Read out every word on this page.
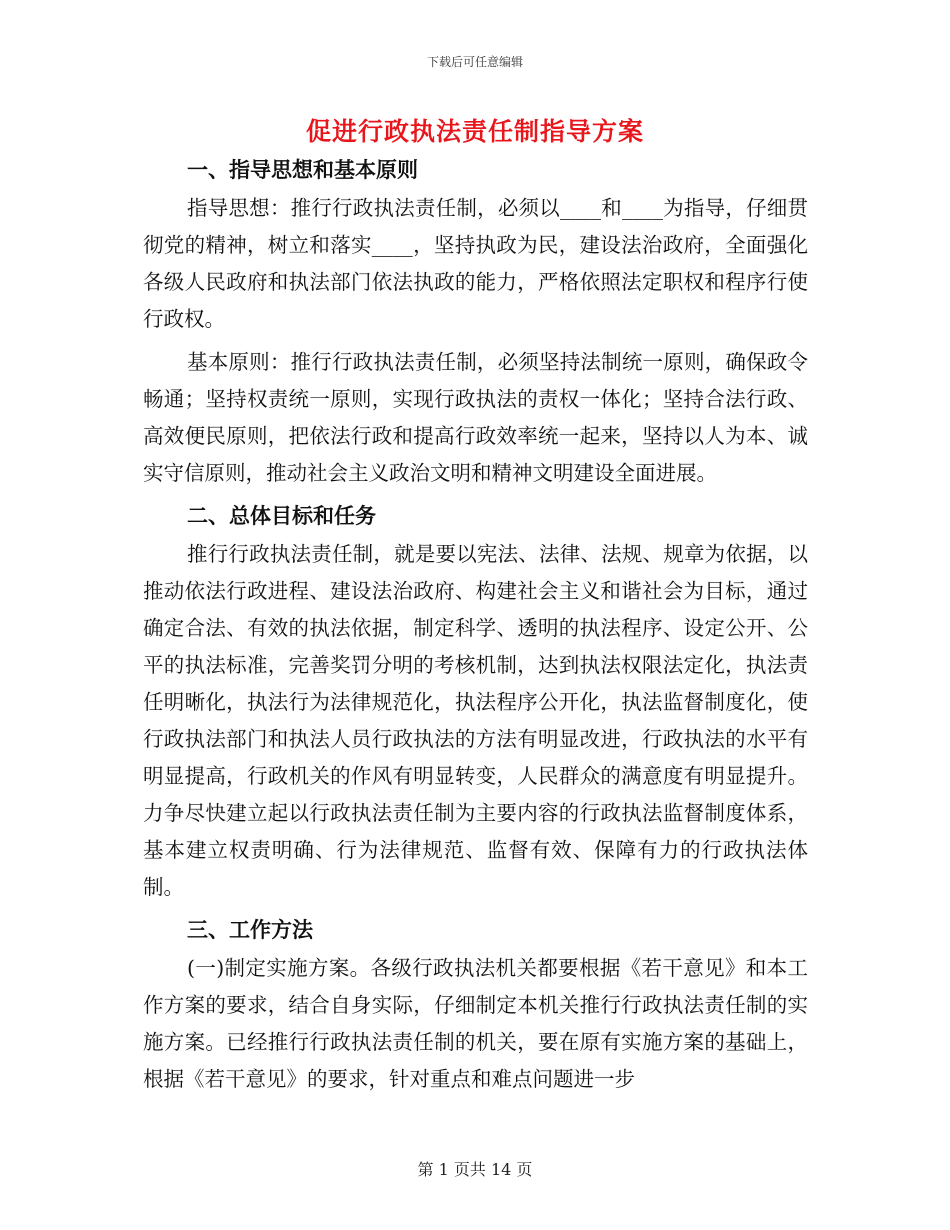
下载后可任意编辑
促进行政执法责任制指导方案
一、指导思想和基本原则

指导思想：推行行政执法责任制，必须以____和____为指导，仔细贯彻党的精神，树立和落实____，坚持执政为民，建设法治政府，全面强化各级人民政府和执法部门依法执政的能力，严格依照法定职权和程序行使行政权。

基本原则：推行行政执法责任制，必须坚持法制统一原则，确保政令畅通；坚持权责统一原则，实现行政执法的责权一体化；坚持合法行政、高效便民原则，把依法行政和提高行政效率统一起来，坚持以人为本、诚实守信原则，推动社会主义政治文明和精神文明建设全面进展。

二、总体目标和任务

推行行政执法责任制，就是要以宪法、法律、法规、规章为依据，以推动依法行政进程、建设法治政府、构建社会主义和谐社会为目标，通过确定合法、有效的执法依据，制定科学、透明的执法程序、设定公开、公平的执法标准，完善奖罚分明的考核机制，达到执法权限法定化，执法责任明晰化，执法行为法律规范化，执法程序公开化，执法监督制度化，使行政执法部门和执法人员行政执法的方法有明显改进，行政执法的水平有明显提高，行政机关的作风有明显转变，人民群众的满意度有明显提升。力争尽快建立起以行政执法责任制为主要内容的行政执法监督制度体系，基本建立权责明确、行为法律规范、监督有效、保障有力的行政执法体制。

三、工作方法

(一)制定实施方案。各级行政执法机关都要根据《若干意见》和本工作方案的要求，结合自身实际，仔细制定本机关推行行政执法责任制的实施方案。已经推行行政执法责任制的机关，要在原有实施方案的基础上，根据《若干意见》的要求，针对重点和难点问题进一步

第 1 页共 14 页
